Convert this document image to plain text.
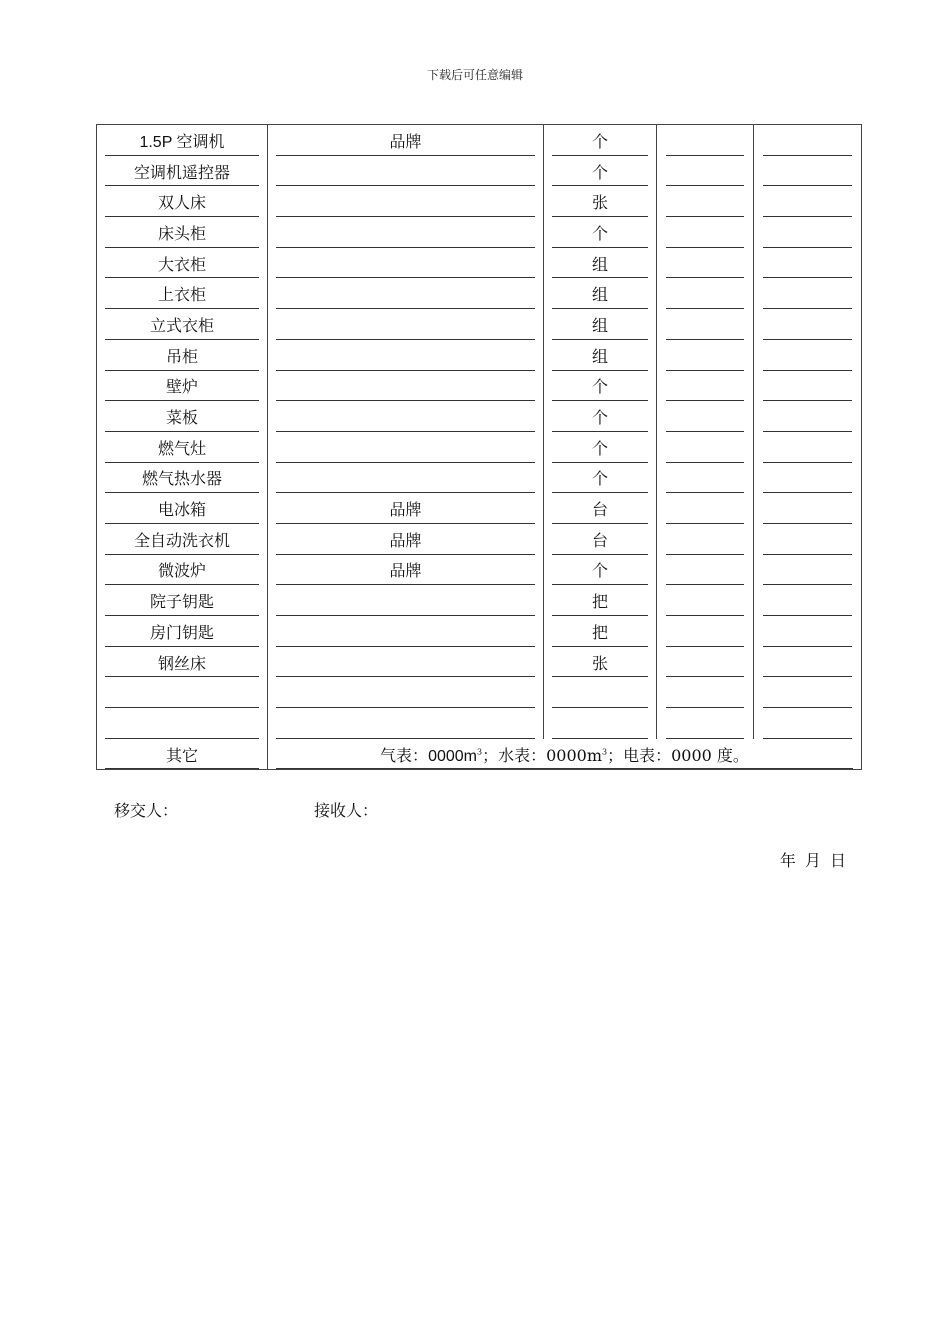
下载后可任意编辑
1.5P 空调机	品牌	个		
空调机遥控器		个		
双人床		张		
床头柜		个		
大衣柜		组		
上衣柜		组		
立式衣柜		组		
吊柜		组		
壁炉		个		
菜板		个		
燃气灶		个		
燃气热水器		个		
电冰箱	品牌	台		
全自动洗衣机	品牌	台		
微波炉	品牌	个		
院子钥匙		把		
房门钥匙		把		
钢丝床		张		

其它	气表：$0000m^3$；水表：$0000m^3$；电表：0000 度。			
移交人：	接收人：
年 月 日
